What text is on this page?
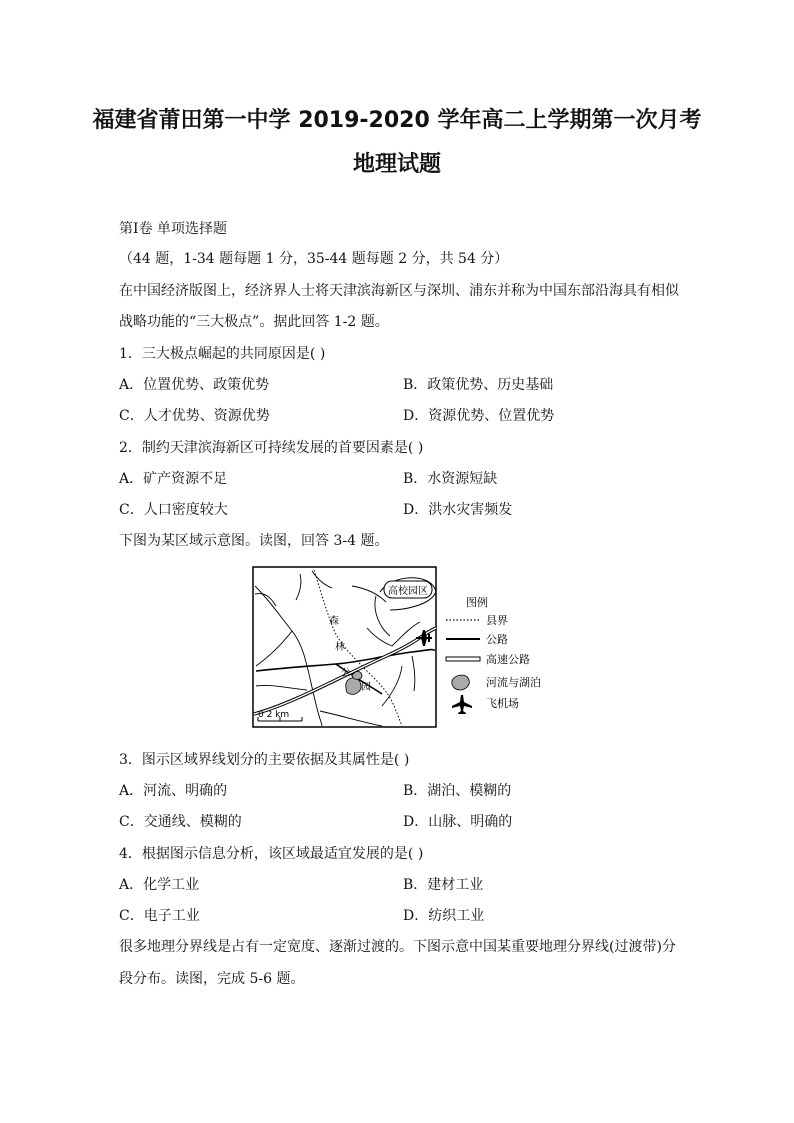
福建省莆田第一中学 2019-2020 学年高二上学期第一次月考
地理试题
第Ⅰ卷 单项选择题
（44 题，1-34 题每题 1 分，35-44 题每题 2 分，共 54 分）
在中国经济版图上，经济界人士将天津滨海新区与深圳、浦东并称为中国东部沿海具有相似
战略功能的“三大极点”。据此回答 1-2 题。
1．三大极点崛起的共同原因是( )
A．位置优势、政策优势	B．政策优势、历史基础
C．人才优势、资源优势	D．资源优势、位置优势
2．制约天津滨海新区可持续发展的首要因素是( )
A．矿产资源不足	B．水资源短缺
C．人口密度较大	D．洪水灾害频发
下图为某区域示意图。读图，回答 3-4 题。
高校园区
森
林
公
园
0 2 km
图例
县界
公路
高速公路
河流与湖泊
飞机场
3．图示区域界线划分的主要依据及其属性是( )
A．河流、明确的	B．湖泊、模糊的
C．交通线、模糊的	D．山脉、明确的
4．根据图示信息分析，该区域最适宜发展的是( )
A．化学工业	B．建材工业
C．电子工业	D．纺织工业
很多地理分界线是占有一定宽度、逐渐过渡的。下图示意中国某重要地理分界线(过渡带)分
段分布。读图，完成 5-6 题。
